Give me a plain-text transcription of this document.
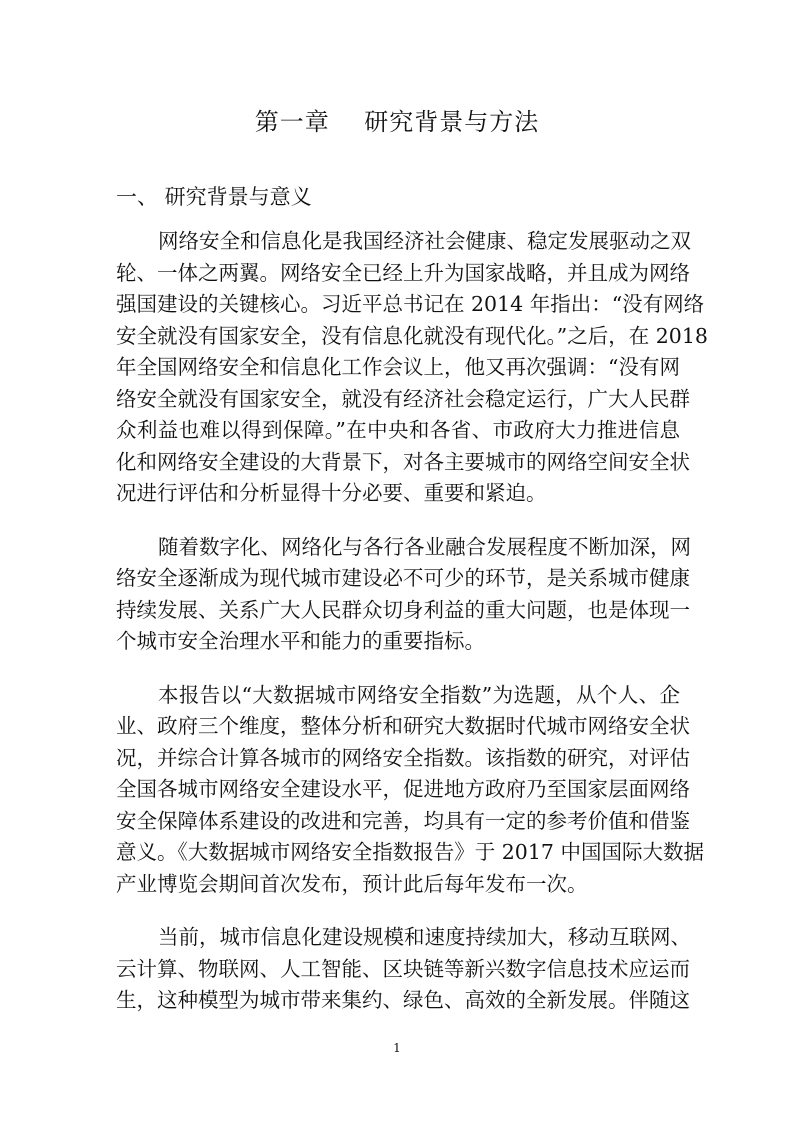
第一章    研究背景与方法
一、 研究背景与意义
网络安全和信息化是我国经济社会健康、稳定发展驱动之双
轮、一体之两翼。网络安全已经上升为国家战略，并且成为网络
强国建设的关键核心。习近平总书记在 2014 年指出：“没有网络
安全就没有国家安全，没有信息化就没有现代化。”之后，在 2018
年全国网络安全和信息化工作会议上，他又再次强调：“没有网
络安全就没有国家安全，就没有经济社会稳定运行，广大人民群
众利益也难以得到保障。”在中央和各省、市政府大力推进信息
化和网络安全建设的大背景下，对各主要城市的网络空间安全状
况进行评估和分析显得十分必要、重要和紧迫。
随着数字化、网络化与各行各业融合发展程度不断加深，网
络安全逐渐成为现代城市建设必不可少的环节，是关系城市健康
持续发展、关系广大人民群众切身利益的重大问题，也是体现一
个城市安全治理水平和能力的重要指标。
本报告以“大数据城市网络安全指数”为选题，从个人、企
业、政府三个维度，整体分析和研究大数据时代城市网络安全状
况，并综合计算各城市的网络安全指数。该指数的研究，对评估
全国各城市网络安全建设水平，促进地方政府乃至国家层面网络
安全保障体系建设的改进和完善，均具有一定的参考价值和借鉴
意义。《大数据城市网络安全指数报告》于 2017 中国国际大数据
产业博览会期间首次发布，预计此后每年发布一次。
当前，城市信息化建设规模和速度持续加大，移动互联网、
云计算、物联网、人工智能、区块链等新兴数字信息技术应运而
生，这种模型为城市带来集约、绿色、高效的全新发展。伴随这
1
